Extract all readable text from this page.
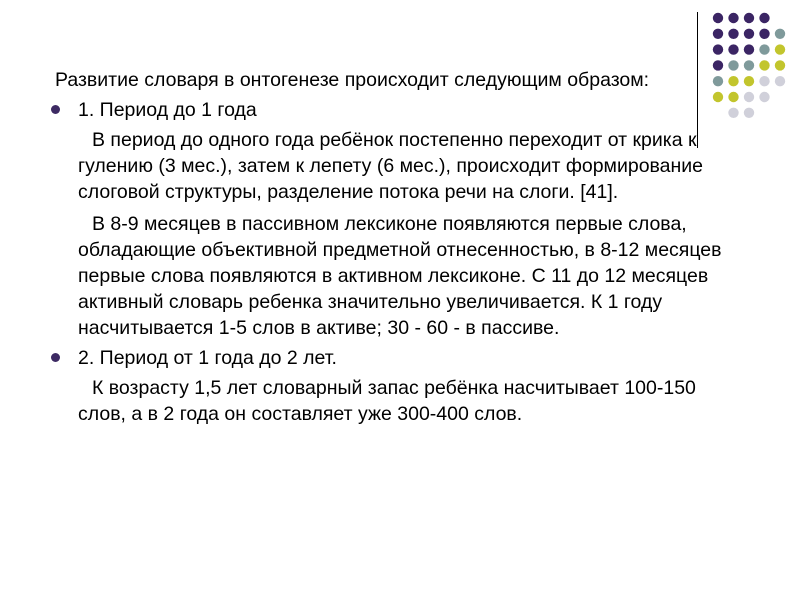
Развитие словаря в онтогенезе происходит следующим образом:
1. Период до 1 года
В период до одного года ребёнок постепенно переходит от крика к гулению (3 мес.), затем к лепету (6 мес.), происходит формирование слоговой структуры, разделение потока речи на слоги. [41].
В 8-9 месяцев в пассивном лексиконе появляются первые слова, обладающие объективной предметной отнесенностью, в 8-12 месяцев первые слова появляются в активном лексиконе. С 11 до 12 месяцев активный словарь ребенка значительно увеличивается. К 1 году насчитывается 1-5 слов в активе; 30 - 60 - в пассиве.
2. Период от 1 года до 2 лет.
К возрасту 1,5 лет словарный запас ребёнка насчитывает 100-150 слов, а в 2 года он составляет уже 300-400 слов.
